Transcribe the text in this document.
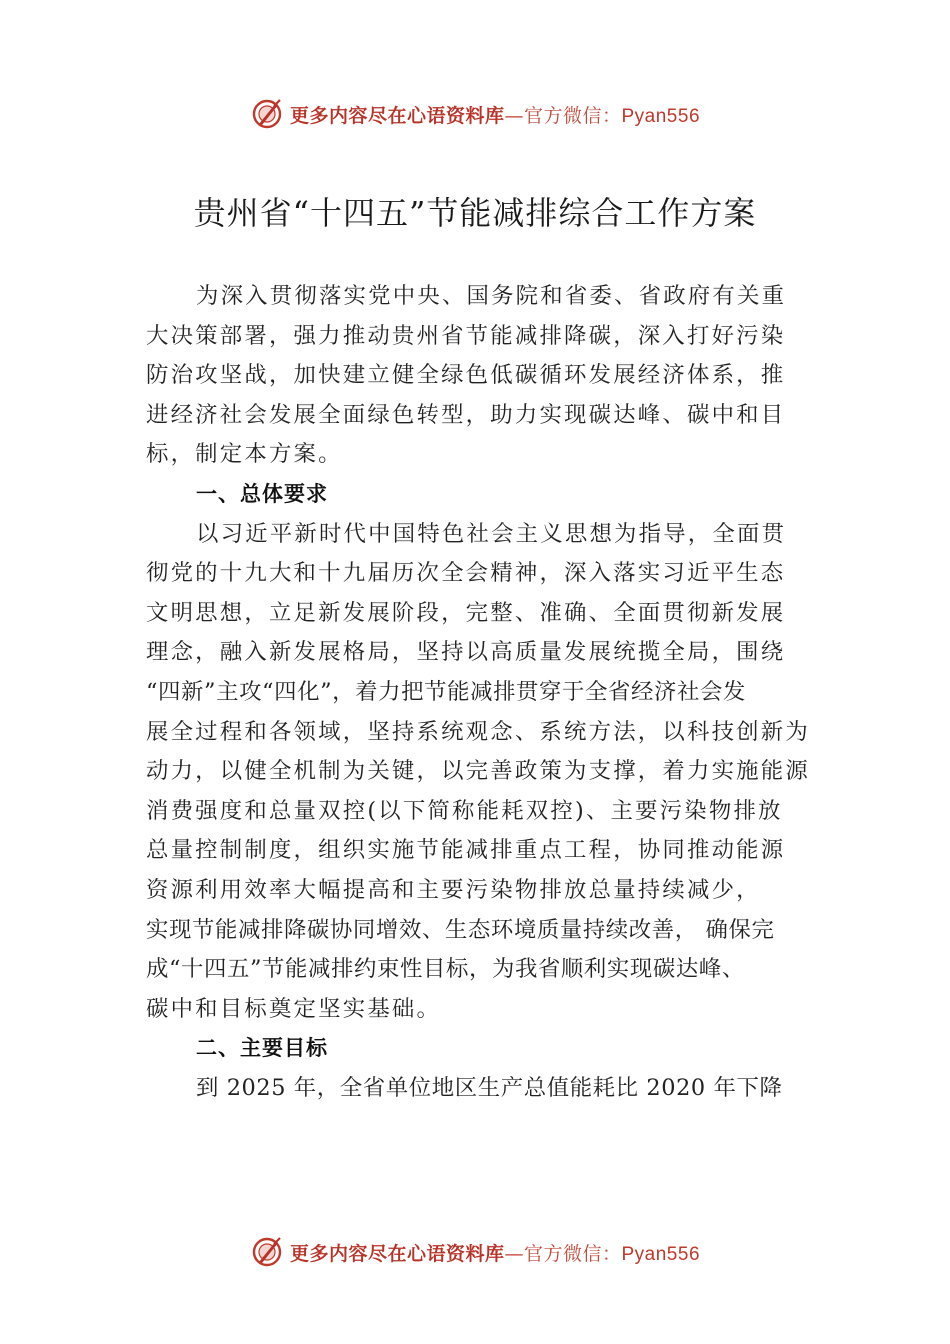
更多内容尽在心语资料库—官方微信：Pyan556
贵州省“十四五”节能减排综合工作方案
为深入贯彻落实党中央、国务院和省委、省政府有关重
大决策部署，强力推动贵州省节能减排降碳，深入打好污染
防治攻坚战，加快建立健全绿色低碳循环发展经济体系，推
进经济社会发展全面绿色转型，助力实现碳达峰、碳中和目
标，制定本方案。
一、总体要求
以习近平新时代中国特色社会主义思想为指导，全面贯
彻党的十九大和十九届历次全会精神，深入落实习近平生态
文明思想，立足新发展阶段，完整、准确、全面贯彻新发展
理念，融入新发展格局，坚持以高质量发展统揽全局，围绕
“四新”主攻“四化”，着力把节能减排贯穿于全省经济社会发
展全过程和各领域，坚持系统观念、系统方法，以科技创新为
动力，以健全机制为关键，以完善政策为支撑，着力实施能源
消费强度和总量双控(以下简称能耗双控)、主要污染物排放
总量控制制度，组织实施节能减排重点工程，协同推动能源
资源利用效率大幅提高和主要污染物排放总量持续减少，
实现节能减排降碳协同增效、生态环境质量持续改善， 确保完
成“十四五”节能减排约束性目标，为我省顺利实现碳达峰、
碳中和目标奠定坚实基础。
二、主要目标
到 2025 年，全省单位地区生产总值能耗比 2020 年下降
更多内容尽在心语资料库—官方微信：Pyan556
